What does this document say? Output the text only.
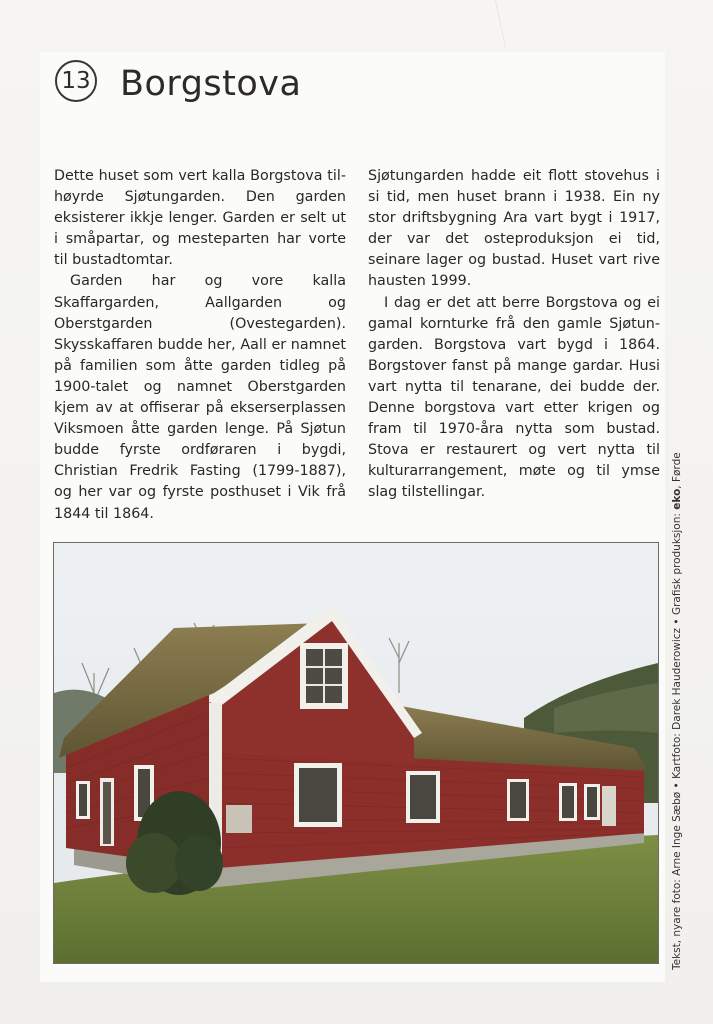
13 Borgstova

Dette huset som vert kalla Borgstova tilhøyrde Sjøtungarden. Den garden eksisterer ikkje lenger. Garden er selt ut i småpartar, og mesteparten har vorte til bustadtomtar.

Garden har og vore kalla Skaffargarden, Aallgarden og Oberstgarden (Ovestegarden). Skysskaffaren budde her, Aall er namnet på familien som åtte garden tidleg på 1900-talet og namnet Oberstgarden kjem av at offiserar på ekserserplassen Viksmoen åtte garden lenge. På Sjøtun budde fyrste ordføraren i bygdi, Christian Fredrik Fasting (1799-1887), og her var og fyrste posthuset i Vik frå 1844 til 1864.

Sjøtungarden hadde eit flott stovehus i si tid, men huset brann i 1938. Ein ny stor driftsbygning Ara vart bygt i 1917, der var det osteproduksjon ei tid, seinare lager og bustad. Huset vart rive hausten 1999.

I dag er det att berre Borgstova og ei gamal kornturke frå den gamle Sjøtungarden. Borgstova vart bygd i 1864. Borgstover fanst på mange gardar. Husi vart nytta til tenarane, dei budde der. Denne borgstova vart etter krigen og fram til 1970-åra nytta som bustad. Stova er restaurert og vert nytta til kulturarrangement, møte og til ymse slag tilstellingar.

Tekst, nyare foto: Arne Inge Sæbø • Kartfoto: Darek Hauderowicz • Grafisk produksjon: eko, Førde
